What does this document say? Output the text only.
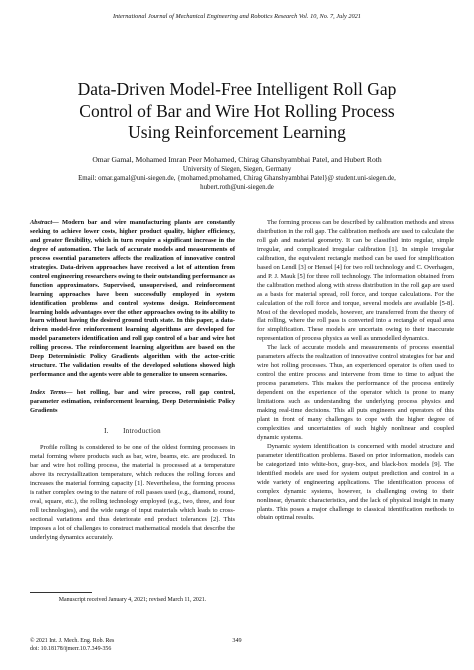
International Journal of Mechanical Engineering and Robotics Research Vol. 10, No. 7, July 2021
Data-Driven Model-Free Intelligent Roll Gap
Control of Bar and Wire Hot Rolling Process
Using Reinforcement Learning
Omar Gamal, Mohamed Imran Peer Mohamed, Chirag Ghanshyambhai Patel, and Hubert Roth
University of Siegen, Siegen, Germany
Email: omar.gamal@uni-siegen.de, {mohamed.pmohamed, Chirag Ghanshyambhai Patel}@ student.uni-siegen.de,
hubert.roth@uni-siegen.de

Abstract— Modern bar and wire manufacturing plants are constantly seeking to achieve lower costs, higher product quality, higher efficiency, and greater flexibility, which in turn require a significant increase in the degree of automation. The lack of accurate models and measurements of process essential parameters affects the realization of innovative control strategies. Data-driven approaches have received a lot of attention from control engineering researchers owing to their outstanding performance as function approximators. Supervised, unsupervised, and reinforcement learning approaches have been successfully employed in system identification problems and control systems design. Reinforcement learning holds advantages over the other approaches owing to its ability to learn without having the desired ground truth state. In this paper, a data-driven model-free reinforcement learning algorithms are developed for model parameters identification and roll gap control of a bar and wire hot rolling process. The reinforcement learning algorithm are based on the Deep Deterministic Policy Gradients algorithm with the actor-critic structure. The validation results of the developed solutions showed high performance and the agents were able to generalize to unseen scenarios.

Index Terms— hot rolling, bar and wire process, roll gap control, parameter estimation, reinforcement learning, Deep Deterministic Policy Gradients

I.  Introduction

Profile rolling is considered to be one of the oldest forming processes in metal forming where products such as bar, wire, beams, etc. are produced. In bar and wire hot rolling process, the material is processed at a temperature above its recrystallization temperature, which reduces the rolling forces and increases the material forming capacity [1]. Nevertheless, the forming process is rather complex owing to the nature of roll passes used (e.g., diamond, round, oval, square, etc.), the rolling technology employed (e.g., two, three, and four roll technologies), and the wide range of input materials which leads to cross-sectional variations and thus deteriorate end product tolerances [2]. This imposes a lot of challenges to construct mathematical models that describe the underlying dynamics accurately.

The forming process can be described by calibration methods and stress distribution in the roll gap. The calibration methods are used to calculate the roll gab and material geometry. It can be classified into regular, simple irregular, and complicated irregular calibration [1]. In simple irregular calibration, the equivalent rectangle method can be used for simplification based on Lendl [3] or Hensel [4] for two roll technology and C. Overhagen, and P. J. Mauk [5] for three roll technology. The information obtained from the calibration method along with stress distribution in the roll gap are used as a basis for material spread, roll force, and torque calculations. For the calculation of the roll force and torque, several models are available [5-8]. Most of the developed models, however, are transferred from the theory of flat rolling, where the roll pass is converted into a rectangle of equal area for simplification. These models are uncertain owing to their inaccurate representation of process physics as well as unmodelled dynamics.

The lack of accurate models and measurements of process essential parameters affects the realization of innovative control strategies for bar and wire hot rolling processes. Thus, an experienced operator is often used to control the entire process and intervene from time to time to adjust the process parameters. This makes the performance of the process entirely dependent on the experience of the operator which is prone to many limitations such as understanding the underlying process physics and making real-time decisions. This all puts engineers and operators of this plant in front of many challenges to cope with the higher degree of complexities and uncertainties of such highly nonlinear and coupled dynamic systems.

Dynamic system identification is concerned with model structure and parameter identification problems. Based on prior information, models can be categorized into white-box, gray-box, and black-box models [9]. The identified models are used for system output prediction and control in a wide variety of engineering applications. The identification process of complex dynamic systems, however, is challenging owing to their nonlinear, dynamic characteristics, and the lack of physical insight in many plants. This poses a major challenge to classical identification methods to obtain optimal results.

Manuscript received January 4, 2021; revised March 11, 2021.
© 2021 Int. J. Mech. Eng. Rob. Res
doi: 10.18178/ijmerr.10.7.349-356
349
